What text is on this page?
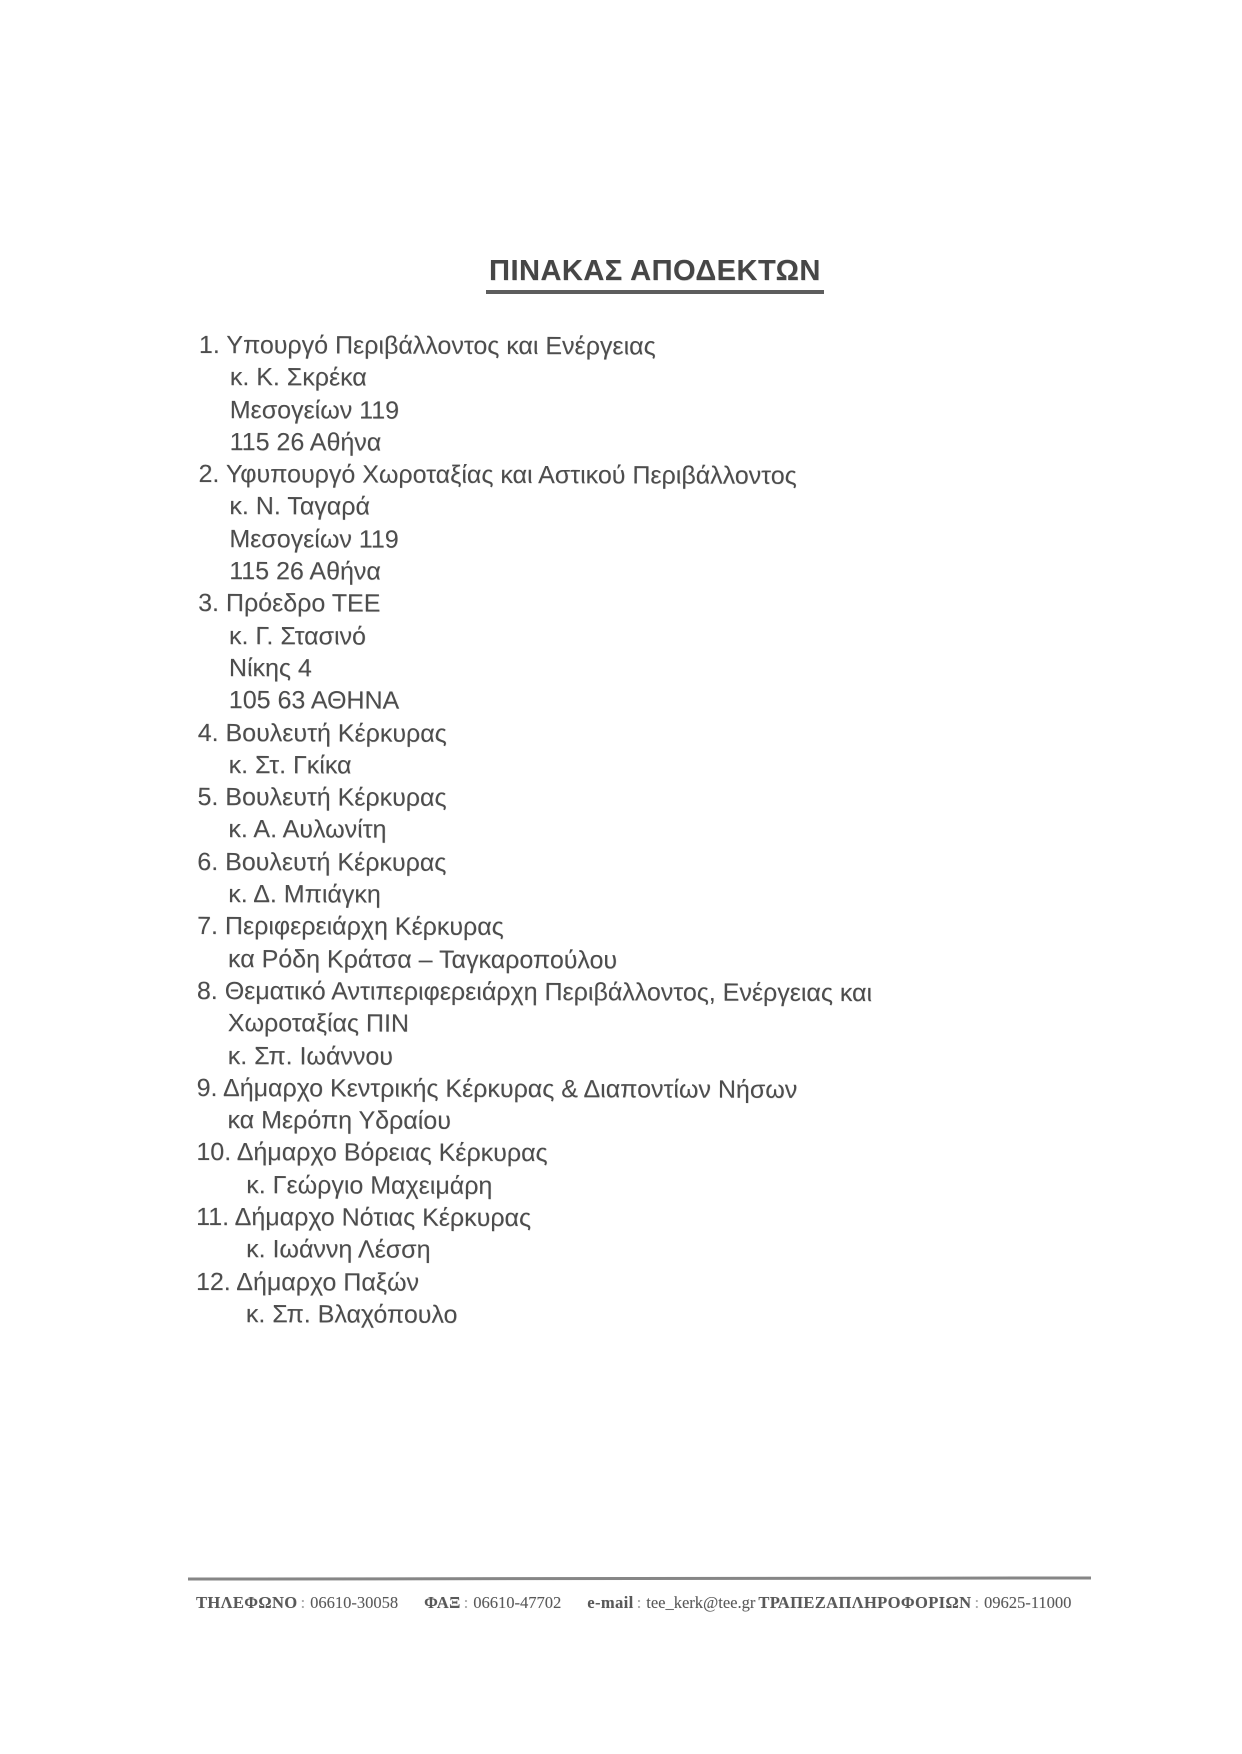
ΠΙΝΑΚΑΣ ΑΠΟΔΕΚΤΩΝ
1. Υπουργό Περιβάλλοντος και Ενέργειας
κ. Κ. Σκρέκα
Μεσογείων 119
115 26 Αθήνα
2. Υφυπουργό Χωροταξίας και Αστικού Περιβάλλοντος
κ. Ν. Ταγαρά
Μεσογείων 119
115 26 Αθήνα
3. Πρόεδρο ΤΕΕ
κ. Γ. Στασινό
Νίκης 4
105 63 ΑΘΗΝΑ
4. Βουλευτή Κέρκυρας
κ. Στ. Γκίκα
5. Βουλευτή Κέρκυρας
κ. Α. Αυλωνίτη
6. Βουλευτή Κέρκυρας
κ. Δ. Μπιάγκη
7. Περιφερειάρχη Κέρκυρας
κα Ρόδη Κράτσα – Ταγκαροπούλου
8. Θεματικό Αντιπεριφερειάρχη Περιβάλλοντος, Ενέργειας και
Χωροταξίας ΠΙΝ
κ. Σπ. Ιωάννου
9. Δήμαρχο Κεντρικής Κέρκυρας & Διαποντίων Νήσων
κα Μερόπη Υδραίου
10. Δήμαρχο Βόρειας Κέρκυρας
κ. Γεώργιο Μαχειμάρη
11. Δήμαρχο Νότιας Κέρκυρας
κ. Ιωάννη Λέσση
12. Δήμαρχο Παξών
κ. Σπ. Βλαχόπουλο
ΤΗΛΕΦΩΝΟ : 06610-30058 ΦΑΞ : 06610-47702 e-mail : tee_kerk@tee.gr ΤΡΑΠΕΖΑΠΛΗΡΟΦΟΡΙΩΝ : 09625-11000
